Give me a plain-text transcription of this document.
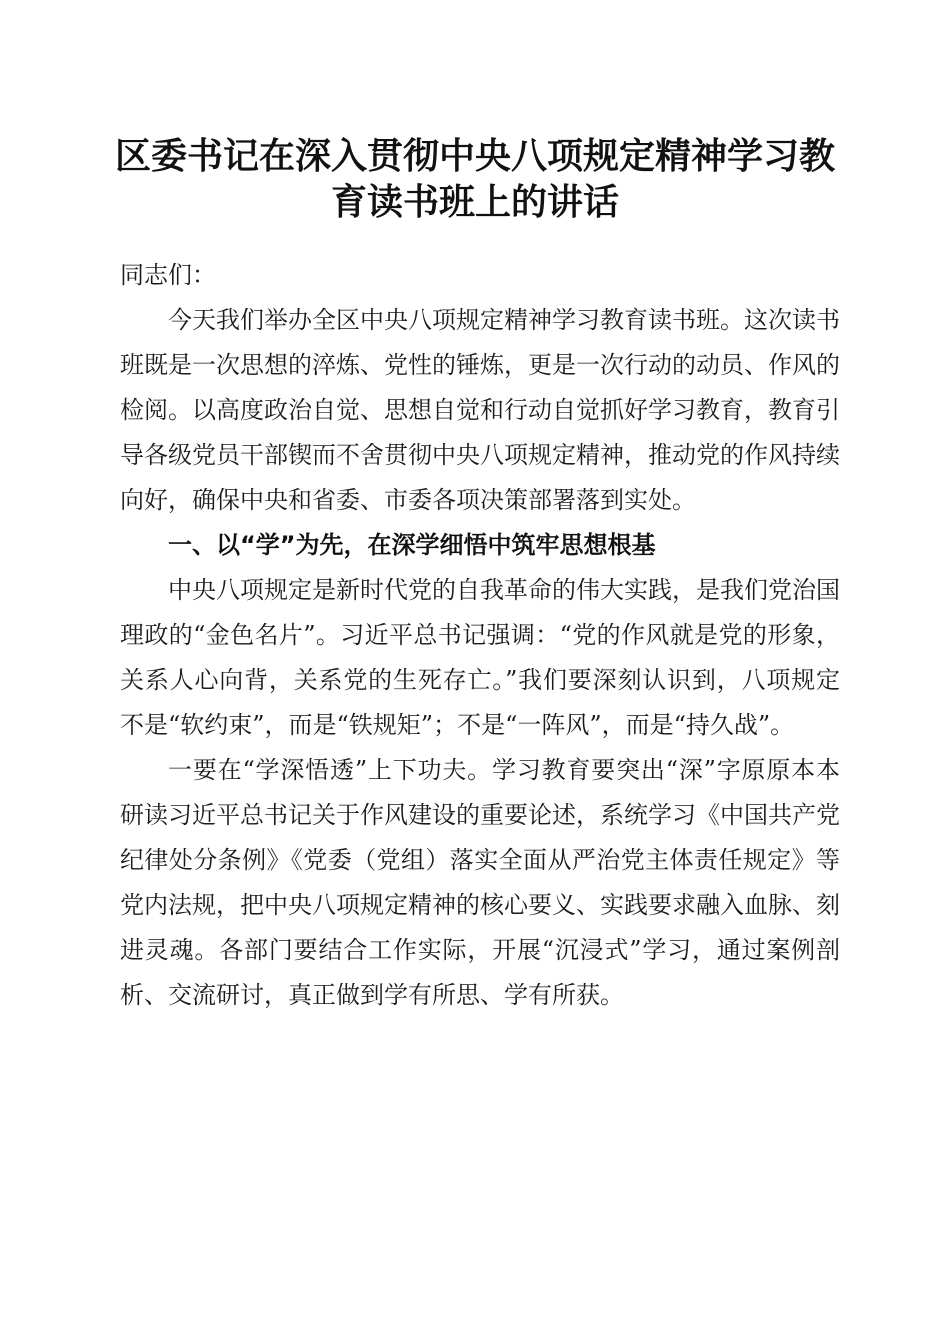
区委书记在深入贯彻中央八项规定精神学习教
育读书班上的讲话

同志们：

今天我们举办全区中央八项规定精神学习教育读书班。这次读书班既是一次思想的淬炼、党性的锤炼，更是一次行动的动员、作风的检阅。以高度政治自觉、思想自觉和行动自觉抓好学习教育，教育引导各级党员干部锲而不舍贯彻中央八项规定精神，推动党的作风持续向好，确保中央和省委、市委各项决策部署落到实处。

一、以“学”为先，在深学细悟中筑牢思想根基

中央八项规定是新时代党的自我革命的伟大实践，是我们党治国理政的“金色名片”。习近平总书记强调：“党的作风就是党的形象，关系人心向背，关系党的生死存亡。”我们要深刻认识到，八项规定不是“软约束”，而是“铁规矩”；不是“一阵风”，而是“持久战”。

一要在“学深悟透”上下功夫。学习教育要突出“深”字原原本本研读习近平总书记关于作风建设的重要论述，系统学习《中国共产党纪律处分条例》《党委（党组）落实全面从严治党主体责任规定》等党内法规，把中央八项规定精神的核心要义、实践要求融入血脉、刻进灵魂。各部门要结合工作实际，开展“沉浸式”学习，通过案例剖析、交流研讨，真正做到学有所思、学有所获。
